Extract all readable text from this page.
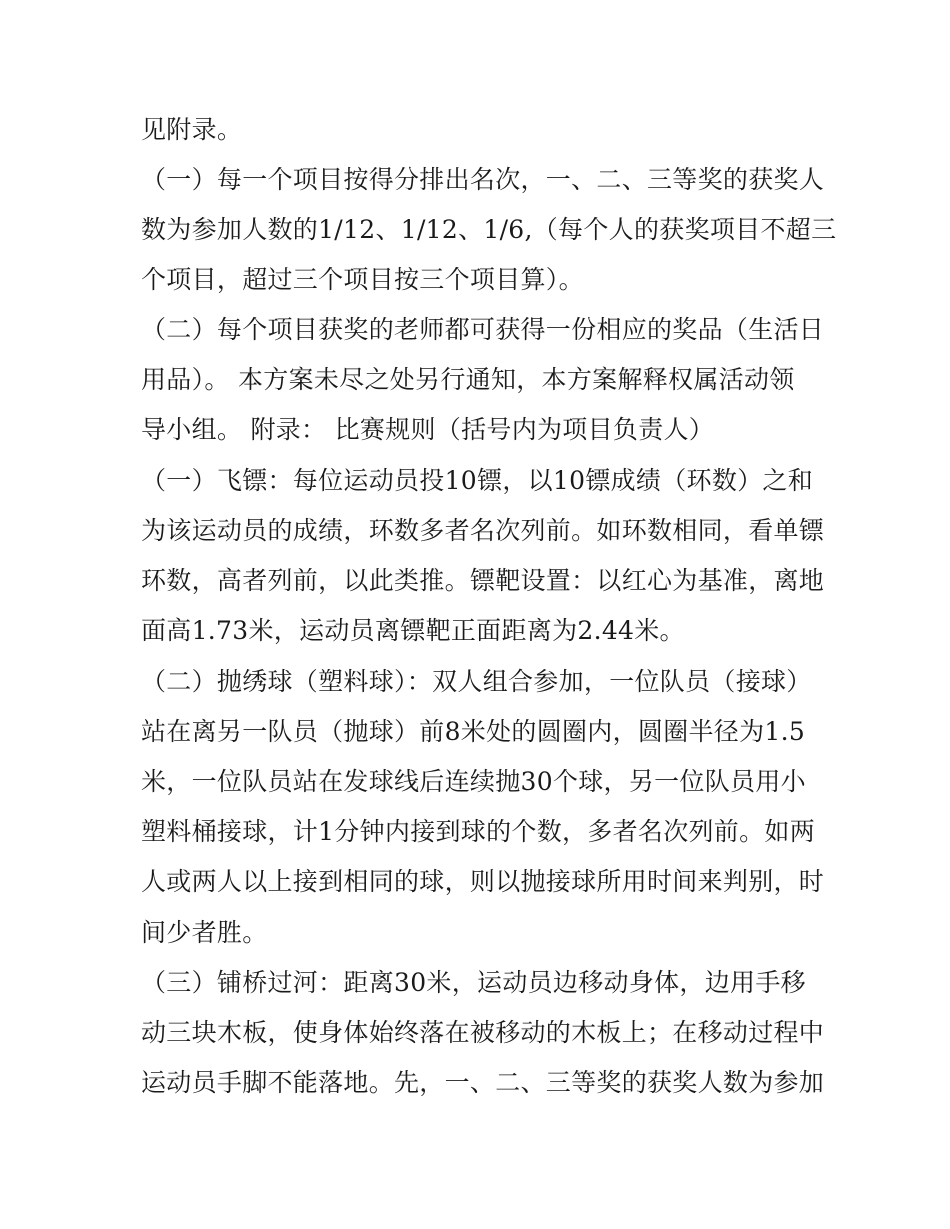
见附录。

（一）每一个项目按得分排出名次，一、二、三等奖的获奖人

数为参加人数的1/12、1/12、1/6,（每个人的获奖项目不超三

个项目，超过三个项目按三个项目算）。

（二）每个项目获奖的老师都可获得一份相应的奖品（生活日

用品）。 本方案未尽之处另行通知，本方案解释权属活动领

导小组。 附录： 比赛规则（括号内为项目负责人）

（一）飞镖：每位运动员投10镖，以10镖成绩（环数）之和

为该运动员的成绩，环数多者名次列前。如环数相同，看单镖

环数，高者列前，以此类推。镖靶设置：以红心为基准，离地

面高1.73米，运动员离镖靶正面距离为2.44米。

（二）抛绣球（塑料球）：双人组合参加，一位队员（接球）

站在离另一队员（抛球）前8米处的圆圈内，圆圈半径为1.5

米，一位队员站在发球线后连续抛30个球，另一位队员用小

塑料桶接球，计1分钟内接到球的个数，多者名次列前。如两

人或两人以上接到相同的球，则以抛接球所用时间来判别，时

间少者胜。

（三）铺桥过河：距离30米，运动员边移动身体，边用手移

动三块木板，使身体始终落在被移动的木板上；在移动过程中

运动员手脚不能落地。先，一、二、三等奖的获奖人数为参加
